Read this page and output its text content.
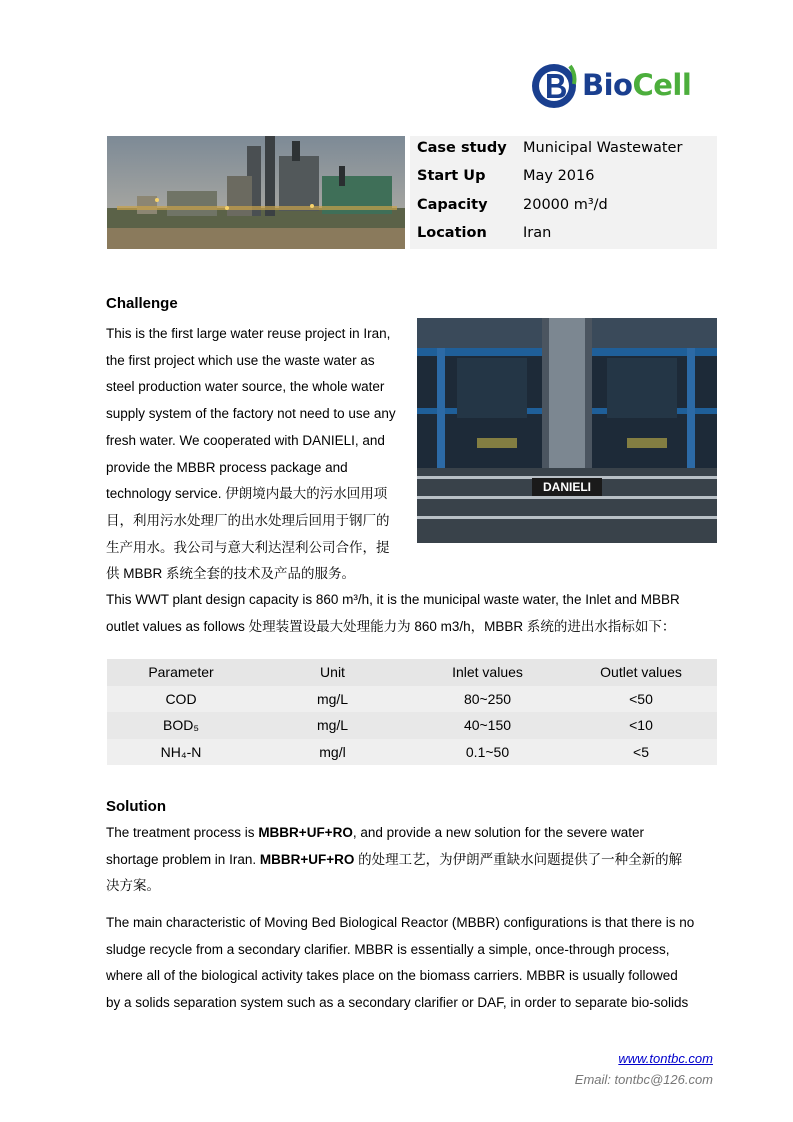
BioCell
Case study Municipal Wastewater
Start Up	May 2016
Capacity 20000 m³/d
Location Iran
Challenge

This is the first large water reuse project in Iran,

the first project which use the waste water as

steel production water source, the whole water

supply system of the factory not need to use any

fresh water. We cooperated with DANIELI, and

provide the MBBR process package and

technology service. 伊朗境内最大的污水回用项

目，利用污水处理厂的出水处理后回用于钢厂的

生产用水。我公司与意大利达涅利公司合作，提

供 MBBR 系统全套的技术及产品的服务。

DANIELI

This WWT plant design capacity is 860 m³/h, it is the municipal waste water, the Inlet and MBBR

outlet values as follows 处理装置设最大处理能力为 860 m3/h，MBBR 系统的进出水指标如下：

Parameter	Unit	Inlet values	Outlet values
COD	mg/L	80~250	<50
BOD₅	mg/L	40~150	<10
NH₄-N	mg/l	0.1~50	<5
Solution

The treatment process is MBBR+UF+RO, and provide a new solution for the severe water

shortage problem in Iran. MBBR+UF+RO 的处理工艺，为伊朗严重缺水问题提供了一种全新的解

决方案。

The main characteristic of Moving Bed Biological Reactor (MBBR) configurations is that there is no

sludge recycle from a secondary clarifier. MBBR is essentially a simple, once-through process,

where all of the biological activity takes place on the biomass carriers. MBBR is usually followed

by a solids separation system such as a secondary clarifier or DAF, in order to separate bio-solids

www.tontbc.com
Email: tontbc@126.com
